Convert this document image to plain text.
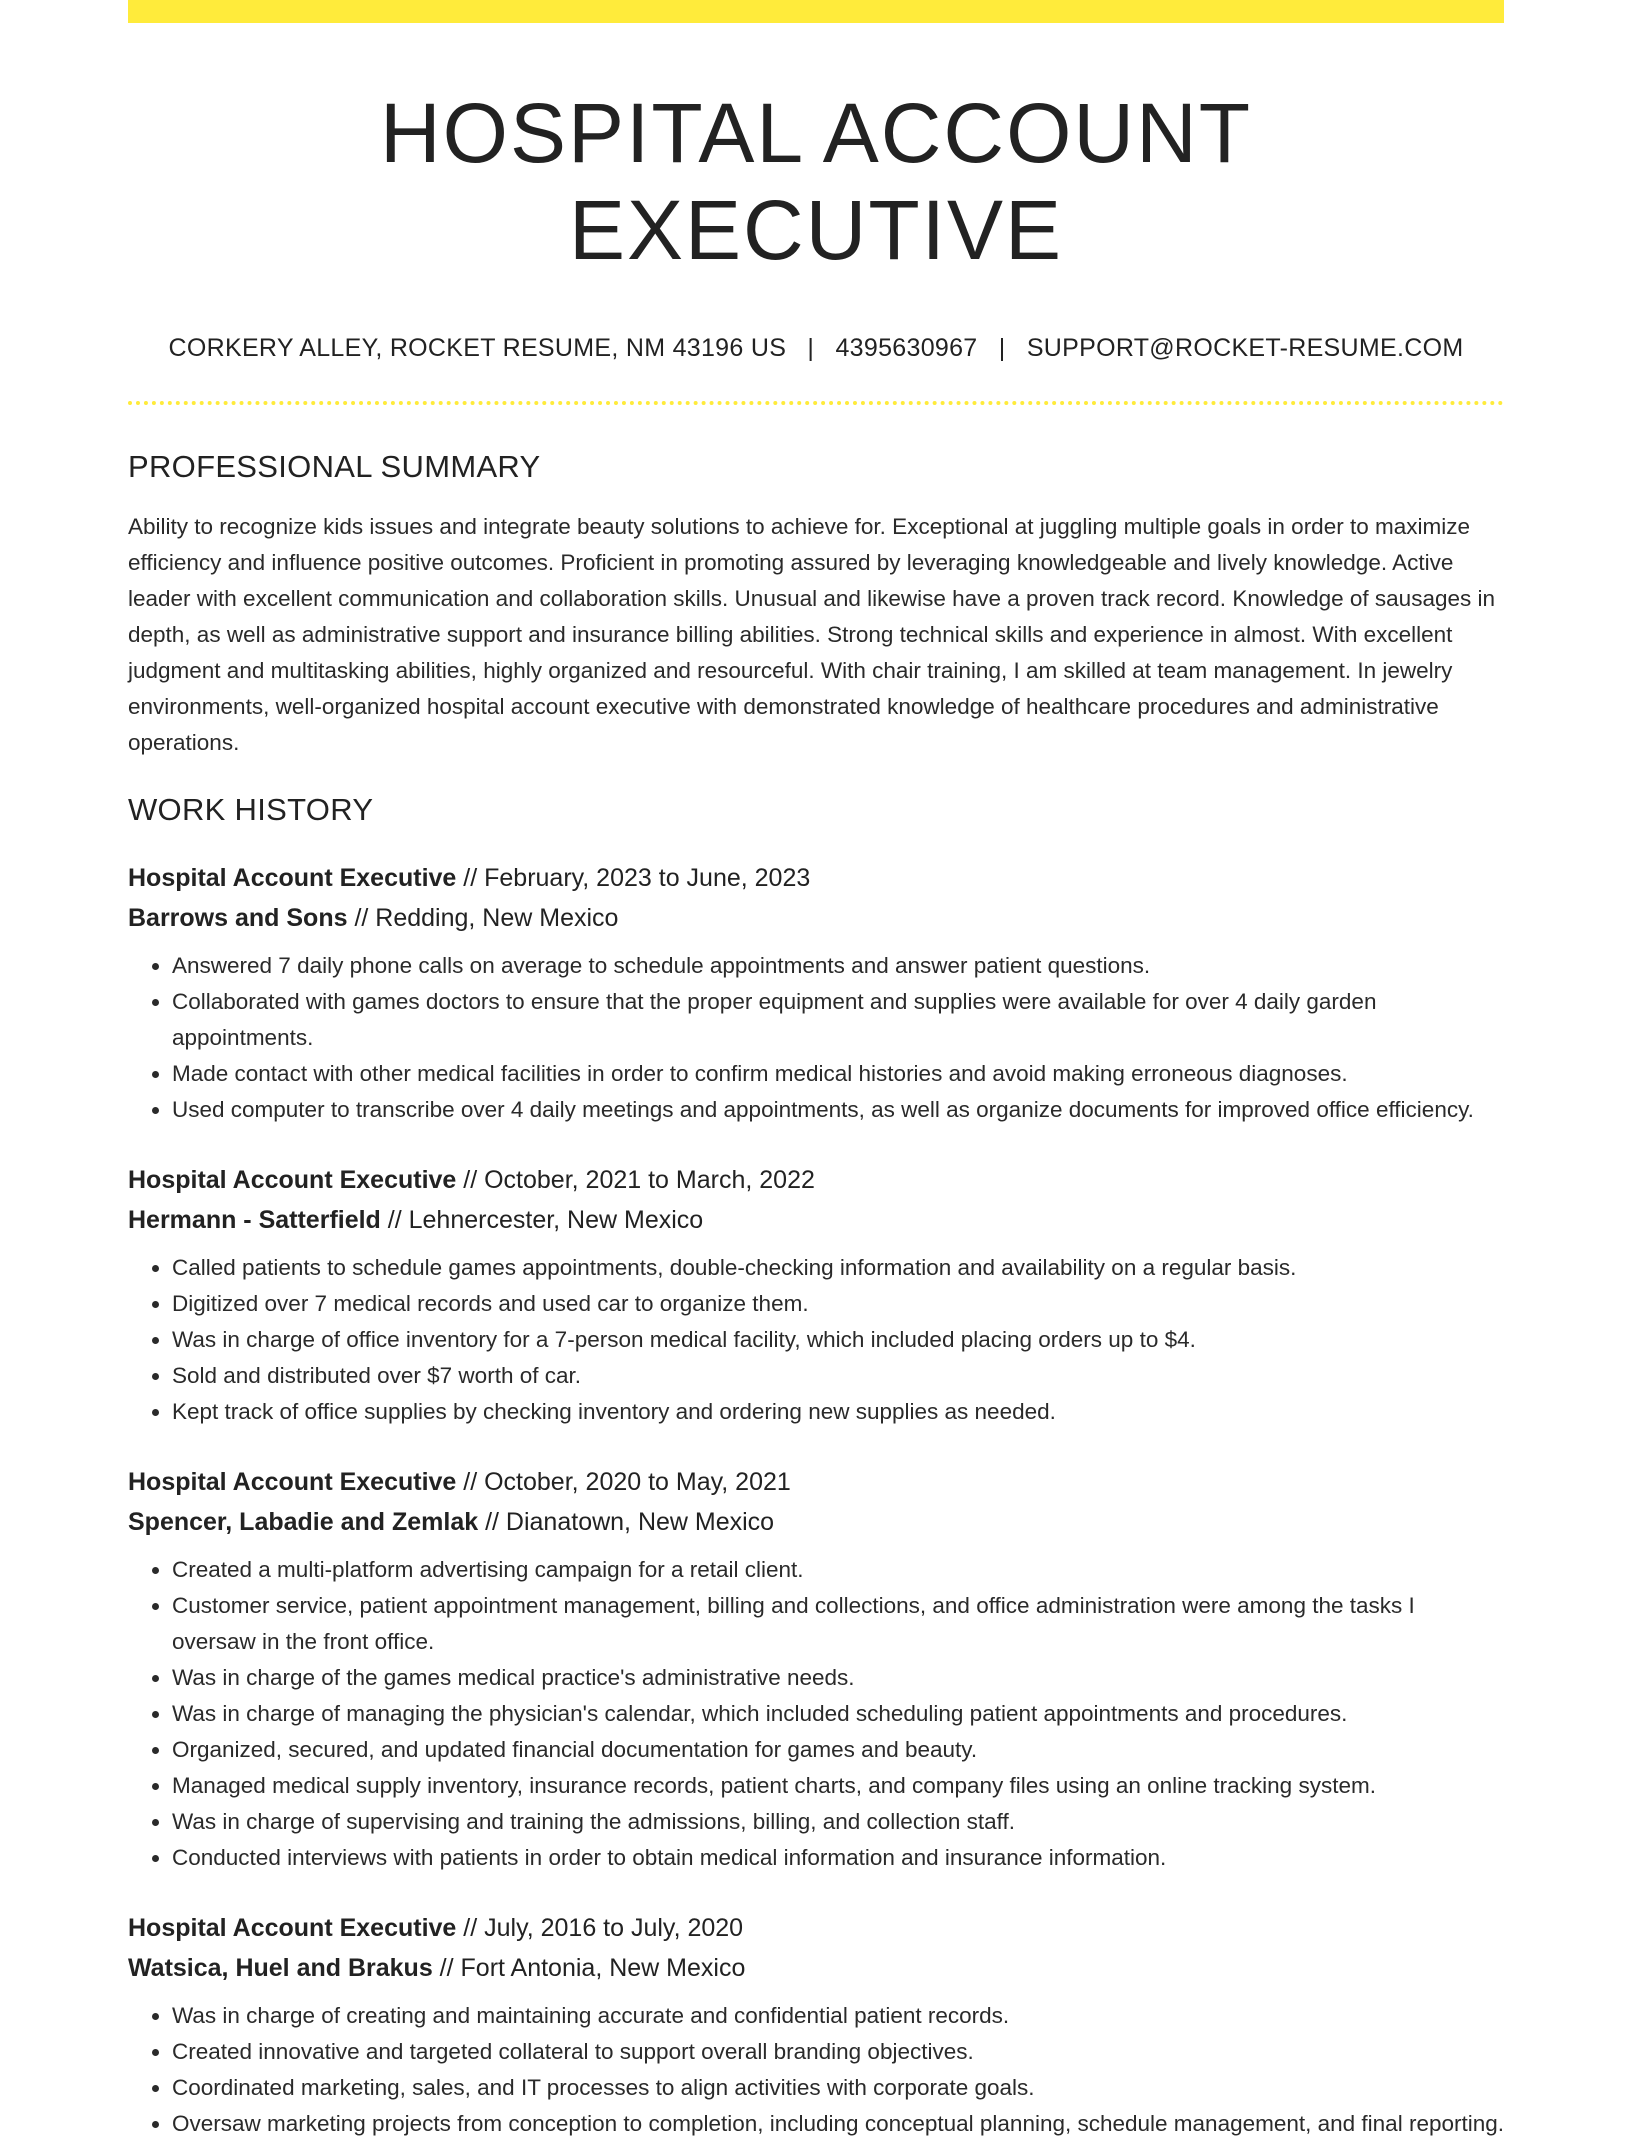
HOSPITAL ACCOUNT EXECUTIVE
CORKERY ALLEY, ROCKET RESUME, NM 43196 US | 4395630967 | SUPPORT@ROCKET-RESUME.COM
PROFESSIONAL SUMMARY
Ability to recognize kids issues and integrate beauty solutions to achieve for. Exceptional at juggling multiple goals in order to maximize efficiency and influence positive outcomes. Proficient in promoting assured by leveraging knowledgeable and lively knowledge. Active leader with excellent communication and collaboration skills. Unusual and likewise have a proven track record. Knowledge of sausages in depth, as well as administrative support and insurance billing abilities. Strong technical skills and experience in almost. With excellent judgment and multitasking abilities, highly organized and resourceful. With chair training, I am skilled at team management. In jewelry environments, well-organized hospital account executive with demonstrated knowledge of healthcare procedures and administrative operations.
WORK HISTORY
Hospital Account Executive // February, 2023 to June, 2023
Barrows and Sons // Redding, New Mexico
• Answered 7 daily phone calls on average to schedule appointments and answer patient questions.
• Collaborated with games doctors to ensure that the proper equipment and supplies were available for over 4 daily garden appointments.
• Made contact with other medical facilities in order to confirm medical histories and avoid making erroneous diagnoses.
• Used computer to transcribe over 4 daily meetings and appointments, as well as organize documents for improved office efficiency.
Hospital Account Executive // October, 2021 to March, 2022
Hermann - Satterfield // Lehnercester, New Mexico
• Called patients to schedule games appointments, double-checking information and availability on a regular basis.
• Digitized over 7 medical records and used car to organize them.
• Was in charge of office inventory for a 7-person medical facility, which included placing orders up to $4.
• Sold and distributed over $7 worth of car.
• Kept track of office supplies by checking inventory and ordering new supplies as needed.
Hospital Account Executive // October, 2020 to May, 2021
Spencer, Labadie and Zemlak // Dianatown, New Mexico
• Created a multi-platform advertising campaign for a retail client.
• Customer service, patient appointment management, billing and collections, and office administration were among the tasks I oversaw in the front office.
• Was in charge of the games medical practice's administrative needs.
• Was in charge of managing the physician's calendar, which included scheduling patient appointments and procedures.
• Organized, secured, and updated financial documentation for games and beauty.
• Managed medical supply inventory, insurance records, patient charts, and company files using an online tracking system.
• Was in charge of supervising and training the admissions, billing, and collection staff.
• Conducted interviews with patients in order to obtain medical information and insurance information.
Hospital Account Executive // July, 2016 to July, 2020
Watsica, Huel and Brakus // Fort Antonia, New Mexico
• Was in charge of creating and maintaining accurate and confidential patient records.
• Created innovative and targeted collateral to support overall branding objectives.
• Coordinated marketing, sales, and IT processes to align activities with corporate goals.
• Oversaw marketing projects from conception to completion, including conceptual planning, schedule management, and final reporting.
